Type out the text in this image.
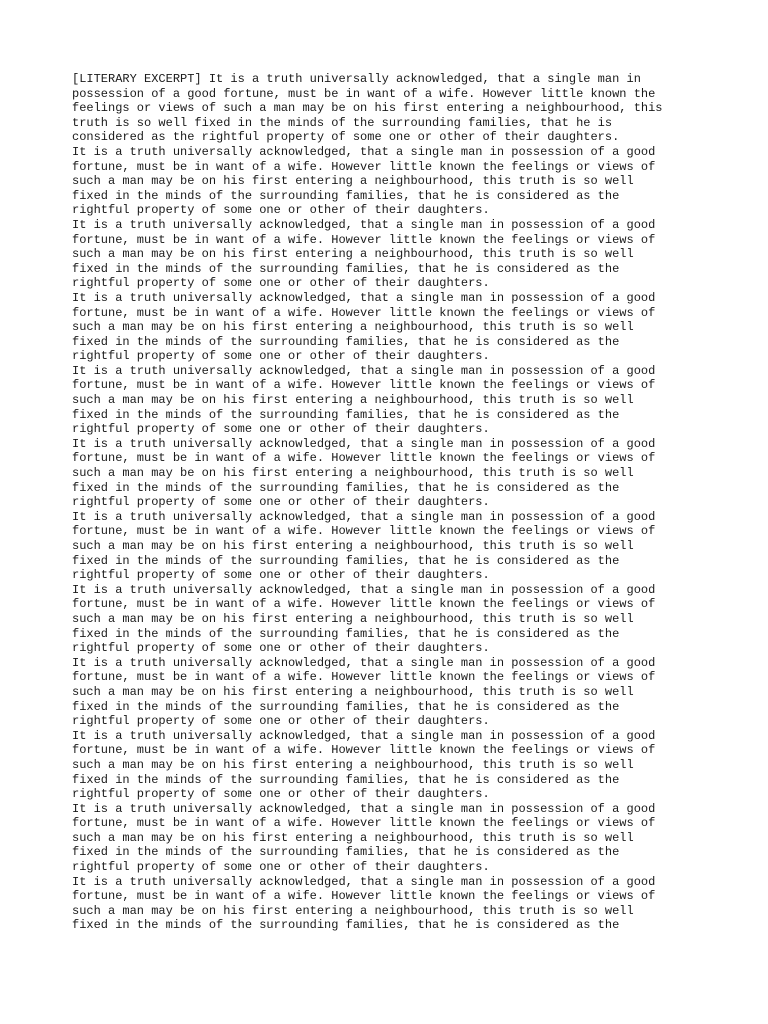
[LITERARY EXCERPT] It is a truth universally acknowledged, that a single man in
possession of a good fortune, must be in want of a wife. However little known the
feelings or views of such a man may be on his first entering a neighbourhood, this
truth is so well fixed in the minds of the surrounding families, that he is
considered as the rightful property of some one or other of their daughters.
It is a truth universally acknowledged, that a single man in possession of a good
fortune, must be in want of a wife. However little known the feelings or views of
such a man may be on his first entering a neighbourhood, this truth is so well
fixed in the minds of the surrounding families, that he is considered as the
rightful property of some one or other of their daughters.
It is a truth universally acknowledged, that a single man in possession of a good
fortune, must be in want of a wife. However little known the feelings or views of
such a man may be on his first entering a neighbourhood, this truth is so well
fixed in the minds of the surrounding families, that he is considered as the
rightful property of some one or other of their daughters.
It is a truth universally acknowledged, that a single man in possession of a good
fortune, must be in want of a wife. However little known the feelings or views of
such a man may be on his first entering a neighbourhood, this truth is so well
fixed in the minds of the surrounding families, that he is considered as the
rightful property of some one or other of their daughters.
It is a truth universally acknowledged, that a single man in possession of a good
fortune, must be in want of a wife. However little known the feelings or views of
such a man may be on his first entering a neighbourhood, this truth is so well
fixed in the minds of the surrounding families, that he is considered as the
rightful property of some one or other of their daughters.
It is a truth universally acknowledged, that a single man in possession of a good
fortune, must be in want of a wife. However little known the feelings or views of
such a man may be on his first entering a neighbourhood, this truth is so well
fixed in the minds of the surrounding families, that he is considered as the
rightful property of some one or other of their daughters.
It is a truth universally acknowledged, that a single man in possession of a good
fortune, must be in want of a wife. However little known the feelings or views of
such a man may be on his first entering a neighbourhood, this truth is so well
fixed in the minds of the surrounding families, that he is considered as the
rightful property of some one or other of their daughters.
It is a truth universally acknowledged, that a single man in possession of a good
fortune, must be in want of a wife. However little known the feelings or views of
such a man may be on his first entering a neighbourhood, this truth is so well
fixed in the minds of the surrounding families, that he is considered as the
rightful property of some one or other of their daughters.
It is a truth universally acknowledged, that a single man in possession of a good
fortune, must be in want of a wife. However little known the feelings or views of
such a man may be on his first entering a neighbourhood, this truth is so well
fixed in the minds of the surrounding families, that he is considered as the
rightful property of some one or other of their daughters.
It is a truth universally acknowledged, that a single man in possession of a good
fortune, must be in want of a wife. However little known the feelings or views of
such a man may be on his first entering a neighbourhood, this truth is so well
fixed in the minds of the surrounding families, that he is considered as the
rightful property of some one or other of their daughters.
It is a truth universally acknowledged, that a single man in possession of a good
fortune, must be in want of a wife. However little known the feelings or views of
such a man may be on his first entering a neighbourhood, this truth is so well
fixed in the minds of the surrounding families, that he is considered as the
rightful property of some one or other of their daughters.
It is a truth universally acknowledged, that a single man in possession of a good
fortune, must be in want of a wife. However little known the feelings or views of
such a man may be on his first entering a neighbourhood, this truth is so well
fixed in the minds of the surrounding families, that he is considered as the
